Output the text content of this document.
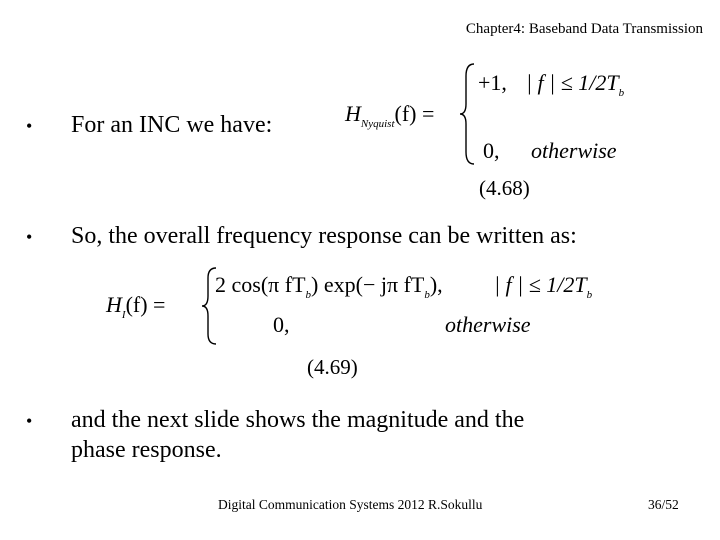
Chapter4: Baseband Data Transmission
•	For an INC we have:	$H_{Nyquist}(f)$ =
+1, | f | ≤ $1/2T_b$
0, otherwise
(4.68)
•	So, the overall frequency response can be written as:
$H_I(f)$ =
2 cos(π $fT_b$) exp(− jπ $fT_b$), | f | ≤ $1/2T_b$
0,	otherwise
(4.69)
•	and the next slide shows the magnitude and the
phase response.
Digital Communication Systems 2012 R.Sokullu	36/52
